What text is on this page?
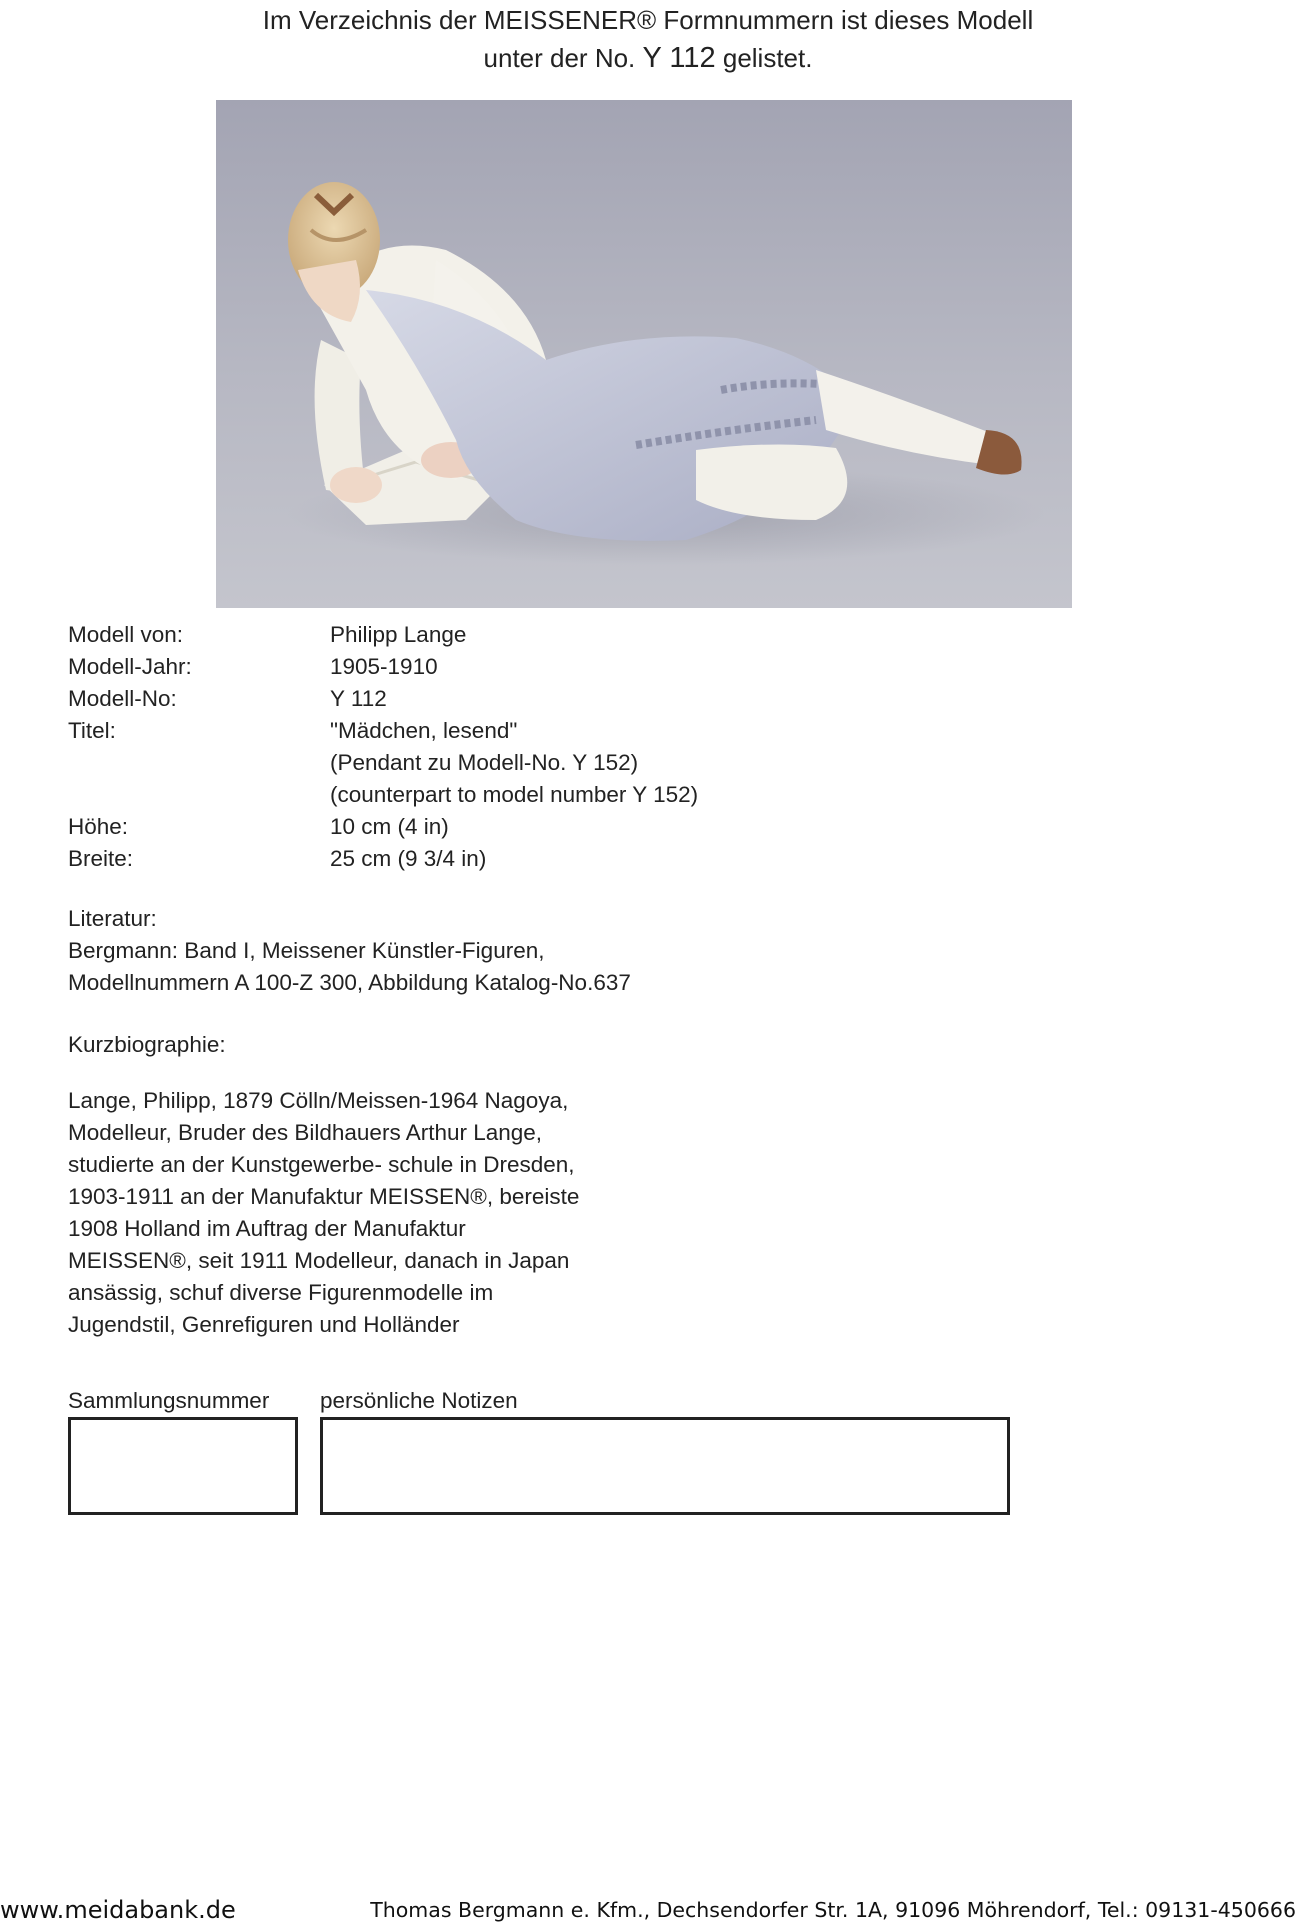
Im Verzeichnis der MEISSENER® Formnummern ist dieses Modell
unter der No. Y 112 gelistet.
Modell von:	Philipp Lange
Modell-Jahr:	1905-1910
Modell-No:	Y 112
Titel:	"Mädchen, lesend"
(Pendant zu Modell-No. Y 152)
(counterpart to model number Y 152)
Höhe:	10 cm (4 in)
Breite:	25 cm (9 3/4 in)
Literatur:
Bergmann: Band I, Meissener Künstler-Figuren,
Modellnummern A 100-Z 300, Abbildung Katalog-No.637
Kurzbiographie:
Lange, Philipp, 1879 Cölln/Meissen-1964 Nagoya,
Modelleur, Bruder des Bildhauers Arthur Lange,
studierte an der Kunstgewerbe- schule in Dresden,
1903-1911 an der Manufaktur MEISSEN®, bereiste
1908 Holland im Auftrag der Manufaktur
MEISSEN®, seit 1911 Modelleur, danach in Japan
ansässig, schuf diverse Figurenmodelle im
Jugendstil, Genrefiguren und Holländer
Sammlungsnummer persönliche Notizen
www.meidabank.de	Thomas Bergmann e. Kfm., Dechsendorfer Str. 1A, 91096 Möhrendorf, Tel.: 09131-450666
